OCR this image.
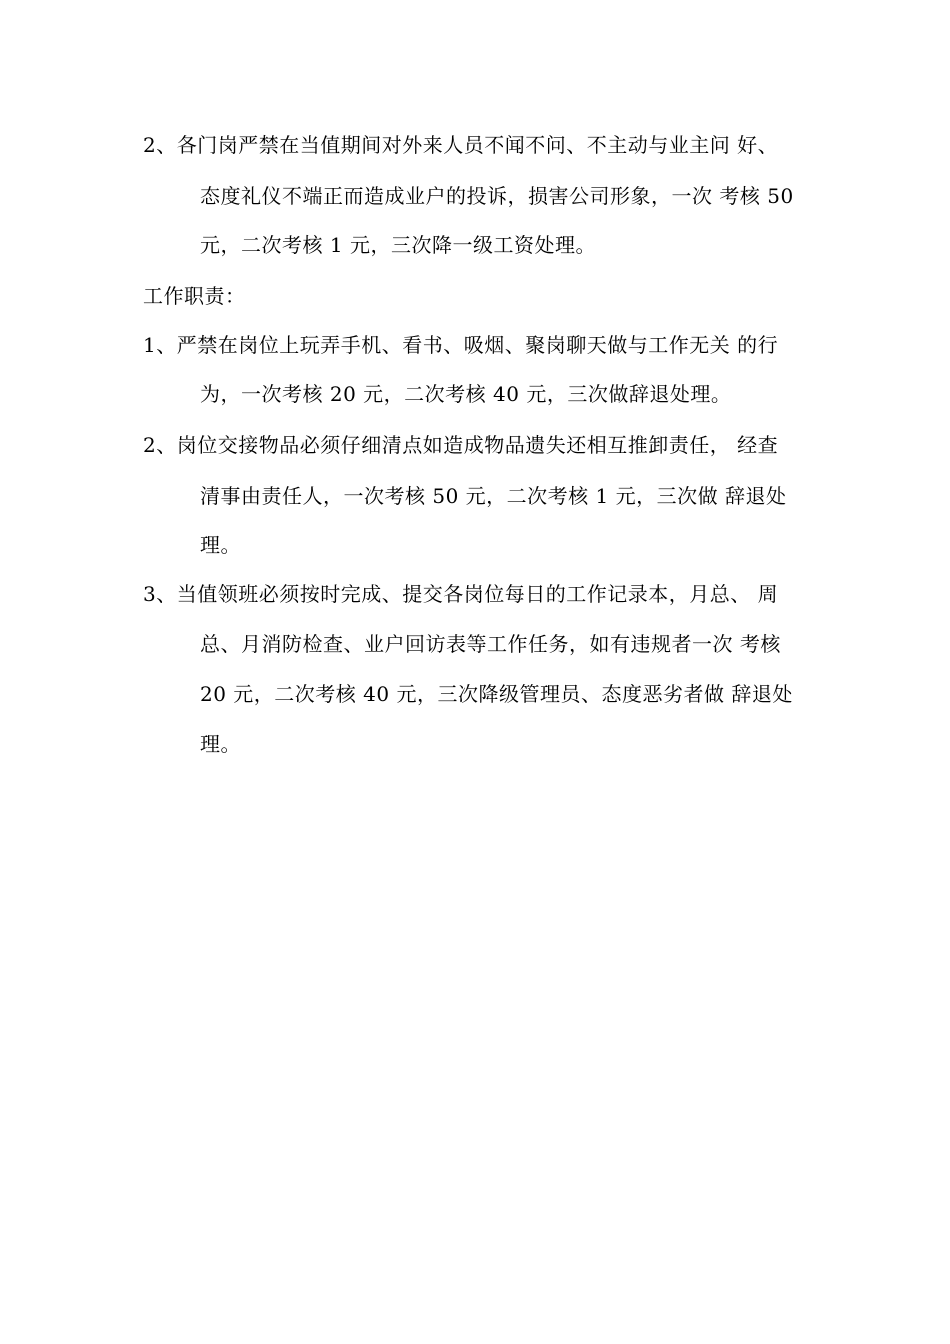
2、各门岗严禁在当值期间对外来人员不闻不问、不主动与业主问 好、
态度礼仪不端正而造成业户的投诉，损害公司形象，一次 考核 50
元，二次考核 1 元，三次降一级工资处理。
工作职责：
1、严禁在岗位上玩弄手机、看书、吸烟、聚岗聊天做与工作无关 的行
为，一次考核 20 元，二次考核 40 元，三次做辞退处理。
2、岗位交接物品必须仔细清点如造成物品遗失还相互推卸责任， 经查
清事由责任人，一次考核 50 元，二次考核 1 元，三次做 辞退处
理。
3、当值领班必须按时完成、提交各岗位每日的工作记录本，月总、 周
总、月消防检查、业户回访表等工作任务，如有违规者一次 考核
20 元，二次考核 40 元，三次降级管理员、态度恶劣者做 辞退处
理。
